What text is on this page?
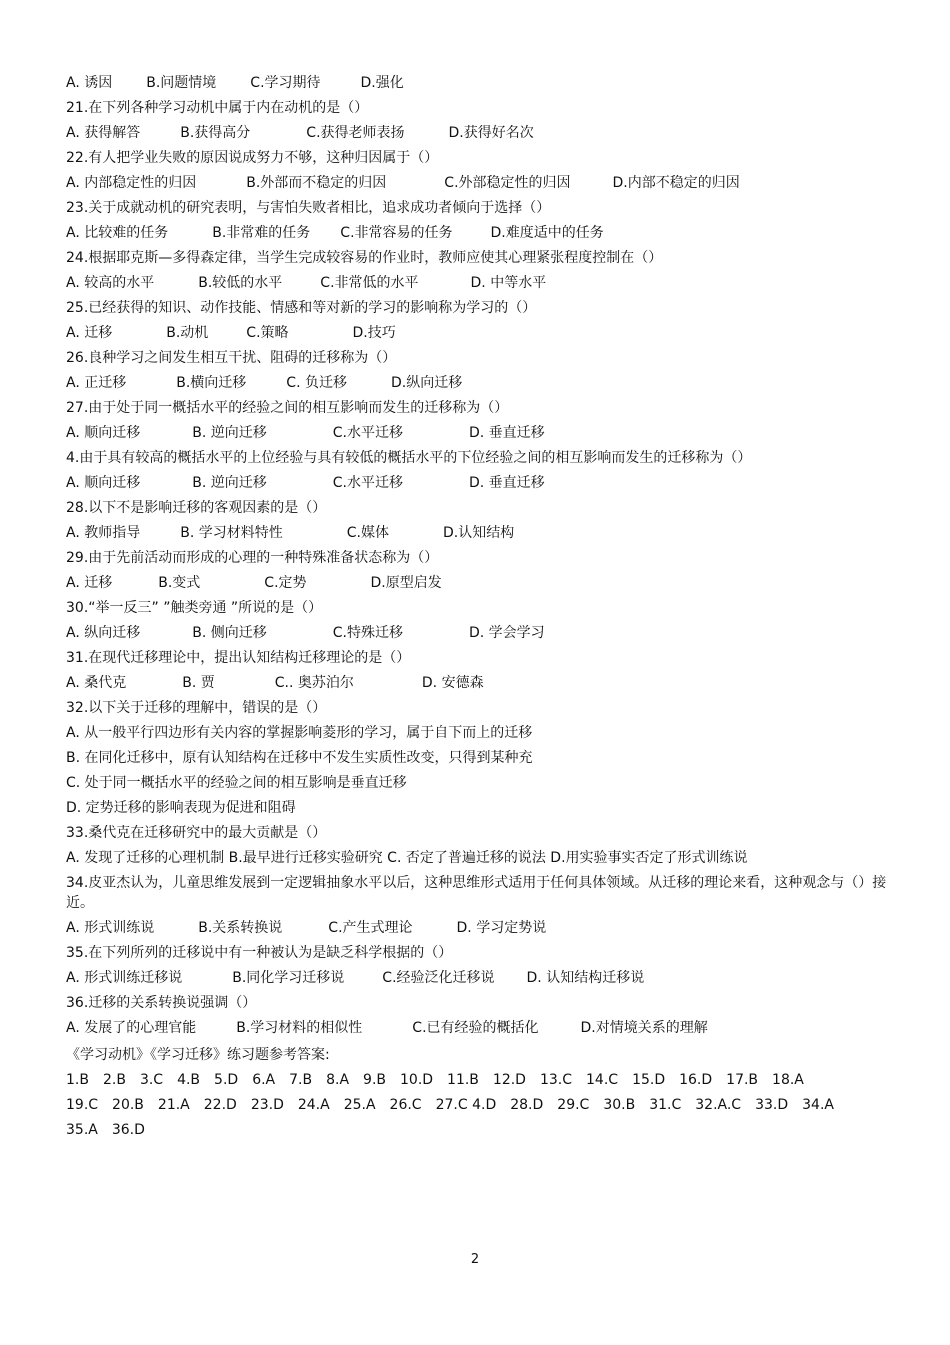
A. 诱因 B.问题情境 C.学习期待	D.强化
21.在下列各种学习动机中属于内在动机的是（）
A. 获得解答	B.获得高分	C.获得老师表扬	D.获得好名次
22.有人把学业失败的原因说成努力不够，这种归因属于（）
A. 内部稳定性的归因	B.外部而不稳定的归因	C.外部稳定性的归因	D.内部不稳定的归因
23.关于成就动机的研究表明，与害怕失败者相比，追求成功者倾向于选择（）
A. 比较难的任务	B.非常难的任务 C.非常容易的任务	D.难度适中的任务
24.根据耶克斯—多得森定律，当学生完成较容易的作业时，教师应使其心理紧张程度控制在（）
A. 较高的水平	B.较低的水平	C.非常低的水平	D. 中等水平
25.已经获得的知识、动作技能、情感和等对新的学习的影响称为学习的（）
A. 迁移	B.动机	C.策略	D.技巧
26.良种学习之间发生相互干扰、阻碍的迁移称为（）
A. 正迁移	B.横向迁移	C. 负迁移	D.纵向迁移
27.由于处于同一概括水平的经验之间的相互影响而发生的迁移称为（）
A. 顺向迁移	B. 逆向迁移	C.水平迁移	D. 垂直迁移
4.由于具有较高的概括水平的上位经验与具有较低的概括水平的下位经验之间的相互影响而发生的迁移称为（）
A. 顺向迁移	B. 逆向迁移	C.水平迁移	D. 垂直迁移
28.以下不是影响迁移的客观因素的是（）
A. 教师指导	B. 学习材料特性	C.媒体	D.认知结构
29.由于先前活动而形成的心理的一种特殊准备状态称为（）
A. 迁移	B.变式	C.定势	D.原型启发
30.“举一反三” ”触类旁通 ”所说的是（）
A. 纵向迁移	B. 侧向迁移	C.特殊迁移	D. 学会学习
31.在现代迁移理论中，提出认知结构迁移理论的是（）
A. 桑代克	B. 贾	C.. 奥苏泊尔	D. 安德森
32.以下关于迁移的理解中，错误的是（）
A. 从一般平行四边形有关内容的掌握影响菱形的学习，属于自下而上的迁移
B. 在同化迁移中，原有认知结构在迁移中不发生实质性改变，只得到某种充
C. 处于同一概括水平的经验之间的相互影响是垂直迁移
D. 定势迁移的影响表现为促进和阻碍
33.桑代克在迁移研究中的最大贡献是（）
A. 发现了迁移的心理机制 B.最早进行迁移实验研究 C. 否定了普遍迁移的说法 D.用实验事实否定了形式训练说
34.皮亚杰认为，儿童思维发展到一定逻辑抽象水平以后，这种思维形式适用于任何具体领域。从迁移的理论来看，这种观念与（）接近。
A. 形式训练说	B.关系转换说	C.产生式理论	D. 学习定势说
35.在下列所列的迁移说中有一种被认为是缺乏科学根据的（）
A. 形式训练迁移说	B.同化学习迁移说	C.经验泛化迁移说 D. 认知结构迁移说
36.迁移的关系转换说强调（）
A. 发展了的心理官能	B.学习材料的相似性	C.已有经验的概括化	D.对情境关系的理解
《学习动机》《学习迁移》练习题参考答案:
1.B 2.B 3.C 4.B 5.D 6.A 7.B 8.A 9.B 10.D 11.B 12.D 13.C 14.C 15.D 16.D 17.B 18.A
19.C 20.B 21.A 22.D 23.D 24.A 25.A 26.C 27.C 4.D 28.D 29.C 30.B 31.C 32.A.C 33.D 34.A
35.A 36.D
2
